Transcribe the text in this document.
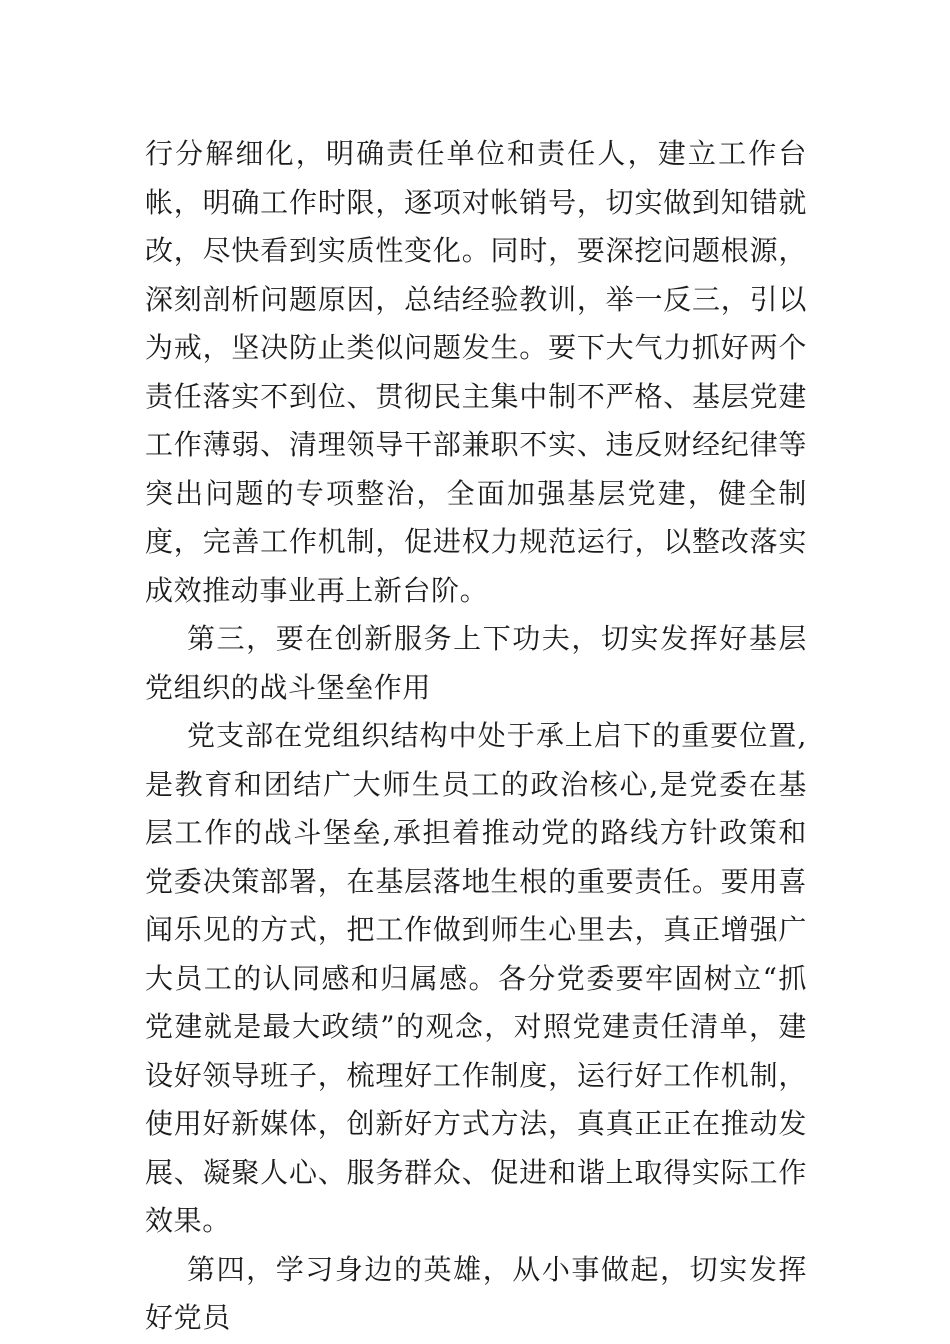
行分解细化，明确责任单位和责任人，建立工作台帐，明确工作时限，逐项对帐销号，切实做到知错就改，尽快看到实质性变化。同时，要深挖问题根源，深刻剖析问题原因，总结经验教训，举一反三，引以为戒，坚决防止类似问题发生。要下大气力抓好两个责任落实不到位、贯彻民主集中制不严格、基层党建工作薄弱、清理领导干部兼职不实、违反财经纪律等突出问题的专项整治，全面加强基层党建，健全制度，完善工作机制，促进权力规范运行，以整改落实成效推动事业再上新台阶。

第三，要在创新服务上下功夫，切实发挥好基层党组织的战斗堡垒作用

党支部在党组织结构中处于承上启下的重要位置,是教育和团结广大师生员工的政治核心,是党委在基层工作的战斗堡垒,承担着推动党的路线方针政策和党委决策部署，在基层落地生根的重要责任。要用喜闻乐见的方式，把工作做到师生心里去，真正增强广大员工的认同感和归属感。各分党委要牢固树立“抓党建就是最大政绩”的观念，对照党建责任清单，建设好领导班子，梳理好工作制度，运行好工作机制，使用好新媒体，创新好方式方法，真真正正在推动发展、凝聚人心、服务群众、促进和谐上取得实际工作效果。

第四，学习身边的英雄，从小事做起，切实发挥好党员
